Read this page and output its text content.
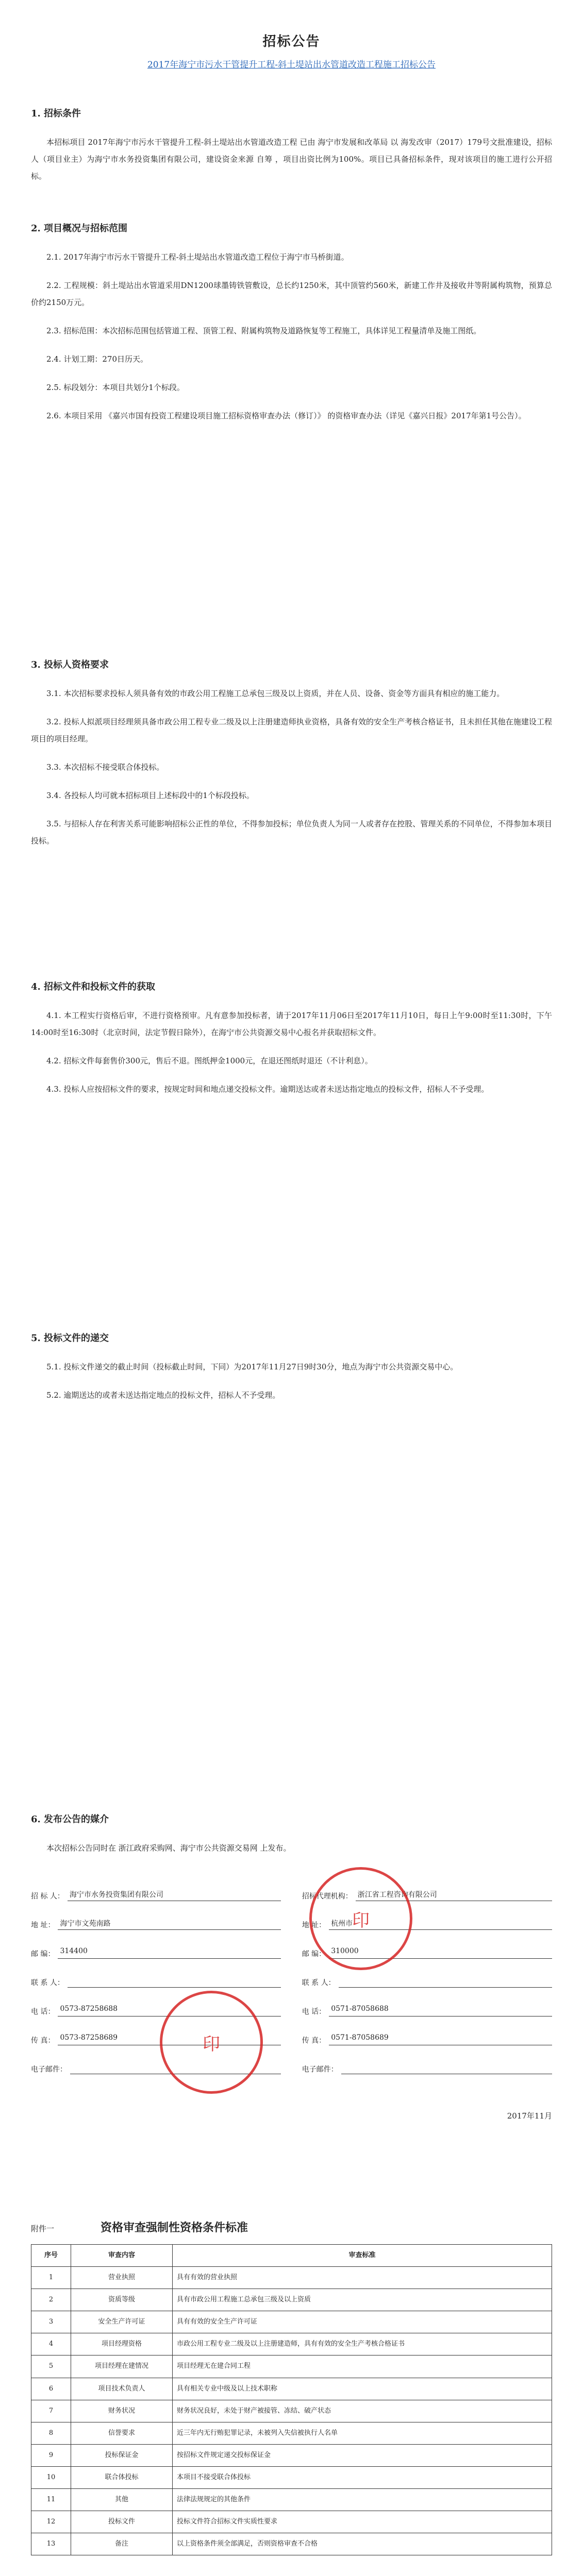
招标公告
2017年海宁市污水干管提升工程-斜土堤站出水管道改造工程施工招标公告
1. 招标条件

本招标项目 2017年海宁市污水干管提升工程-斜土堤站出水管道改造工程 已由 海宁市发展和改革局 以 海发改审（2017）179号文批准建设，招标人（项目业主）为海宁市水务投资集团有限公司，建设资金来源 自筹 ，项目出资比例为100%。项目已具备招标条件，现对该项目的施工进行公开招标。

2. 项目概况与招标范围

2.1. 2017年海宁市污水干管提升工程-斜土堤站出水管道改造工程位于海宁市马桥街道。

2.2. 工程规模：斜土堤站出水管道采用DN1200球墨铸铁管敷设，总长约1250米，其中顶管约560米，新建工作井及接收井等附属构筑物，预算总价约2150万元。

2.3. 招标范围：本次招标范围包括管道工程、顶管工程、附属构筑物及道路恢复等工程施工，具体详见工程量清单及施工图纸。

2.4. 计划工期：270日历天。

2.5. 标段划分：本项目共划分1个标段。

2.6. 本项目采用 《嘉兴市国有投资工程建设项目施工招标资格审查办法（修订）》 的资格审查办法（详见《嘉兴日报》2017年第1号公告）。

3. 投标人资格要求

3.1. 本次招标要求投标人须具备有效的市政公用工程施工总承包三级及以上资质，并在人员、设备、资金等方面具有相应的施工能力。

3.2. 投标人拟派项目经理须具备市政公用工程专业二级及以上注册建造师执业资格，具备有效的安全生产考核合格证书，且未担任其他在施建设工程项目的项目经理。

3.3. 本次招标不接受联合体投标。

3.4. 各投标人均可就本招标项目上述标段中的1个标段投标。

3.5. 与招标人存在利害关系可能影响招标公正性的单位，不得参加投标；单位负责人为同一人或者存在控股、管理关系的不同单位，不得参加本项目投标。

4. 招标文件和投标文件的获取

4.1. 本工程实行资格后审，不进行资格预审。凡有意参加投标者，请于2017年11月06日至2017年11月10日，每日上午9:00时至11:30时，下午14:00时至16:30时（北京时间，法定节假日除外），在海宁市公共资源交易中心报名并获取招标文件。

4.2. 招标文件每套售价300元，售后不退。图纸押金1000元，在退还图纸时退还（不计利息）。

4.3. 投标人应按招标文件的要求，按规定时间和地点递交投标文件。逾期送达或者未送达指定地点的投标文件，招标人不予受理。

5. 投标文件的递交

5.1. 投标文件递交的截止时间（投标截止时间，下同）为2017年11月27日9时30分，地点为海宁市公共资源交易中心。

5.2. 逾期送达的或者未送达指定地点的投标文件，招标人不予受理。

6. 发布公告的媒介

本次招标公告同时在 浙江政府采购网、海宁市公共资源交易网 上发布。

印
印
招 标 人： 海宁市水务投资集团有限公司	招标代理机构： 浙江省工程咨询有限公司
地 址： 海宁市文苑南路	地 址： 杭州市
邮 编： 314400	邮 编： 310000
联 系 人：	联 系 人：
电 话： 0573-87258688	电 话： 0571-87058688
传 真： 0573-87258689	传 真： 0571-87058689
电子邮件：	电子邮件：
2017年11月
附件一	资格审查强制性资格条件标准
序号	审查内容	审查标准
1	营业执照	具有有效的营业执照
2	资质等级	具有市政公用工程施工总承包三级及以上资质
3	安全生产许可证	具有有效的安全生产许可证
4	项目经理资格	市政公用工程专业二级及以上注册建造师，具有有效的安全生产考核合格证书
5	项目经理在建情况	项目经理无在建合同工程
6	项目技术负责人	具有相关专业中级及以上技术职称
7	财务状况	财务状况良好，未处于财产被接管、冻结、破产状态
8	信誉要求	近三年内无行贿犯罪记录，未被列入失信被执行人名单
9	投标保证金	按招标文件规定递交投标保证金
10	联合体投标	本项目不接受联合体投标
11	其他	法律法规规定的其他条件
12	投标文件	投标文件符合招标文件实质性要求
13	备注	以上资格条件须全部满足，否则资格审查不合格
